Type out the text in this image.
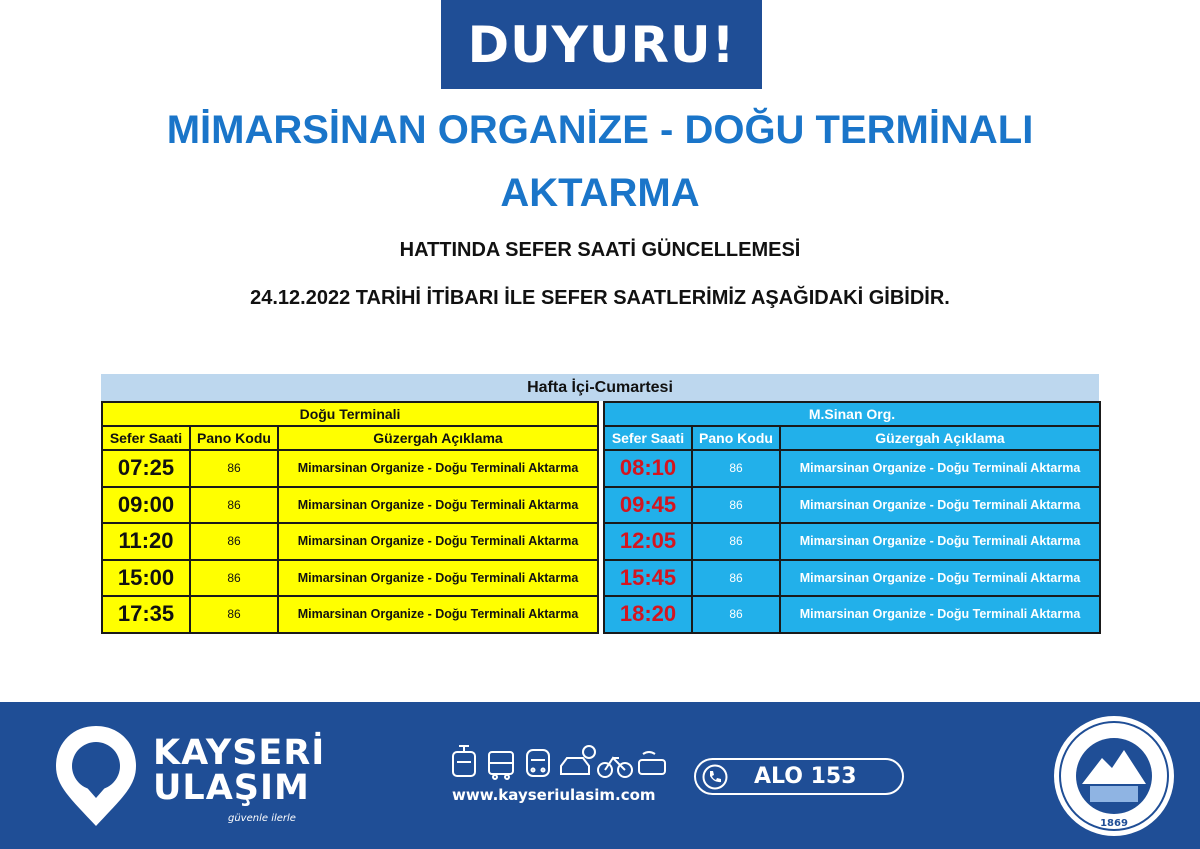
DUYURU!
MİMARSİNAN ORGANİZE - DOĞU TERMİNALI
AKTARMA
HATTINDA SEFER SAATİ GÜNCELLEMESİ
24.12.2022 TARİHİ İTİBARI İLE SEFER SAATLERİMİZ AŞAĞIDAKİ GİBİDİR.
Hafta İçi-Cumartesi
Doğu Terminali		
Sefer Saati	Pano Kodu	Güzergah Açıklama
07:25	86	Mimarsinan Organize - Doğu Terminali Aktarma
09:00	86	Mimarsinan Organize - Doğu Terminali Aktarma
11:20	86	Mimarsinan Organize - Doğu Terminali Aktarma
15:00	86	Mimarsinan Organize - Doğu Terminali Aktarma
17:35	86	Mimarsinan Organize - Doğu Terminali Aktarma
M.Sinan Org.		
Sefer Saati	Pano Kodu	Güzergah Açıklama
08:10	86	Mimarsinan Organize - Doğu Terminali Aktarma
09:45	86	Mimarsinan Organize - Doğu Terminali Aktarma
12:05	86	Mimarsinan Organize - Doğu Terminali Aktarma
15:45	86	Mimarsinan Organize - Doğu Terminali Aktarma
18:20	86	Mimarsinan Organize - Doğu Terminali Aktarma
KAYSERİ
ULAŞIM
güvenle ilerle
www.kayseriulasim.com
ALO 153
1869
